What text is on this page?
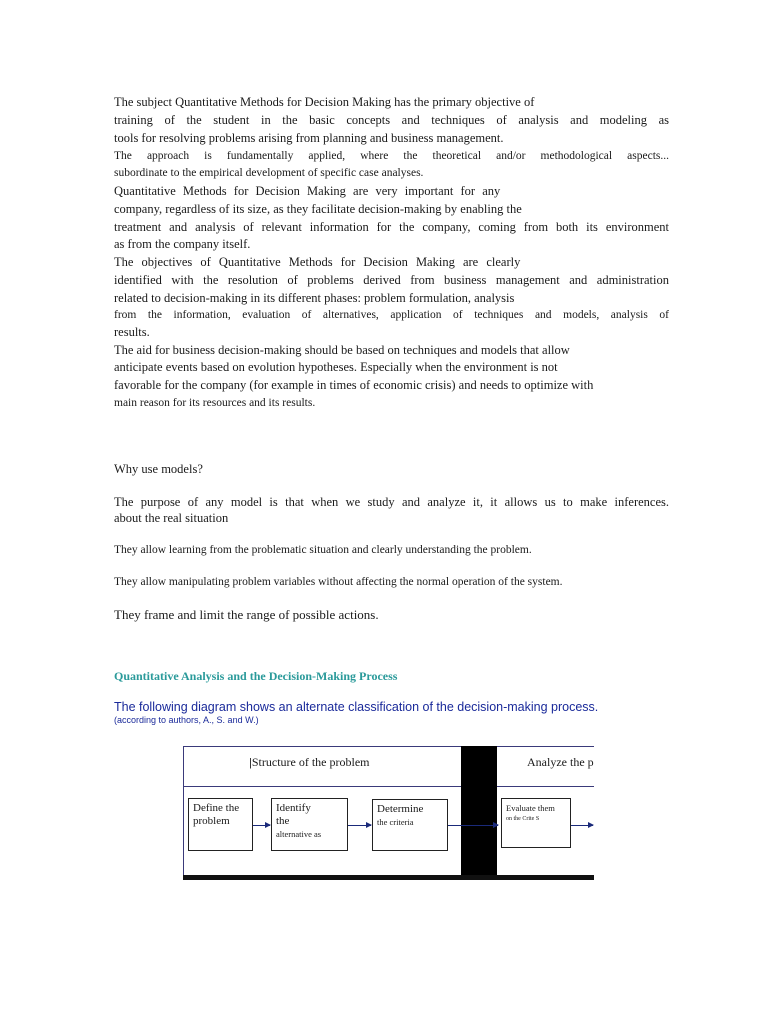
The subject Quantitative Methods for Decision Making has the primary objective of
training of the student in the basic concepts and techniques of analysis and modeling as
tools for resolving problems arising from planning and business management.
The approach is fundamentally applied, where the theoretical and/or methodological aspects...
subordinate to the empirical development of specific case analyses.
Quantitative Methods for Decision Making are very important for any
company, regardless of its size, as they facilitate decision-making by enabling the
treatment and analysis of relevant information for the company, coming from both its environment
as from the company itself.
The objectives of Quantitative Methods for Decision Making are clearly
identified with the resolution of problems derived from business management and administration
related to decision-making in its different phases: problem formulation, analysis
from the information, evaluation of alternatives, application of techniques and models, analysis of
results.
The aid for business decision-making should be based on techniques and models that allow
anticipate events based on evolution hypotheses. Especially when the environment is not
favorable for the company (for example in times of economic crisis) and needs to optimize with
main reason for its resources and its results.
Why use models?
The purpose of any model is that when we study and analyze it, it allows us to make inferences.
about the real situation
They allow learning from the problematic situation and clearly understanding the problem.
They allow manipulating problem variables without affecting the normal operation of the system.
They frame and limit the range of possible actions.
Quantitative Analysis and the Decision-Making Process
The following diagram shows an alternate classification of the decision-making process.
(according to authors, A., S. and W.)
|Structure of the problem	Analyze the p
Define the
problem
Identify
the
alternative as
Determine

the criteria
Evaluate them
on the Crite S
